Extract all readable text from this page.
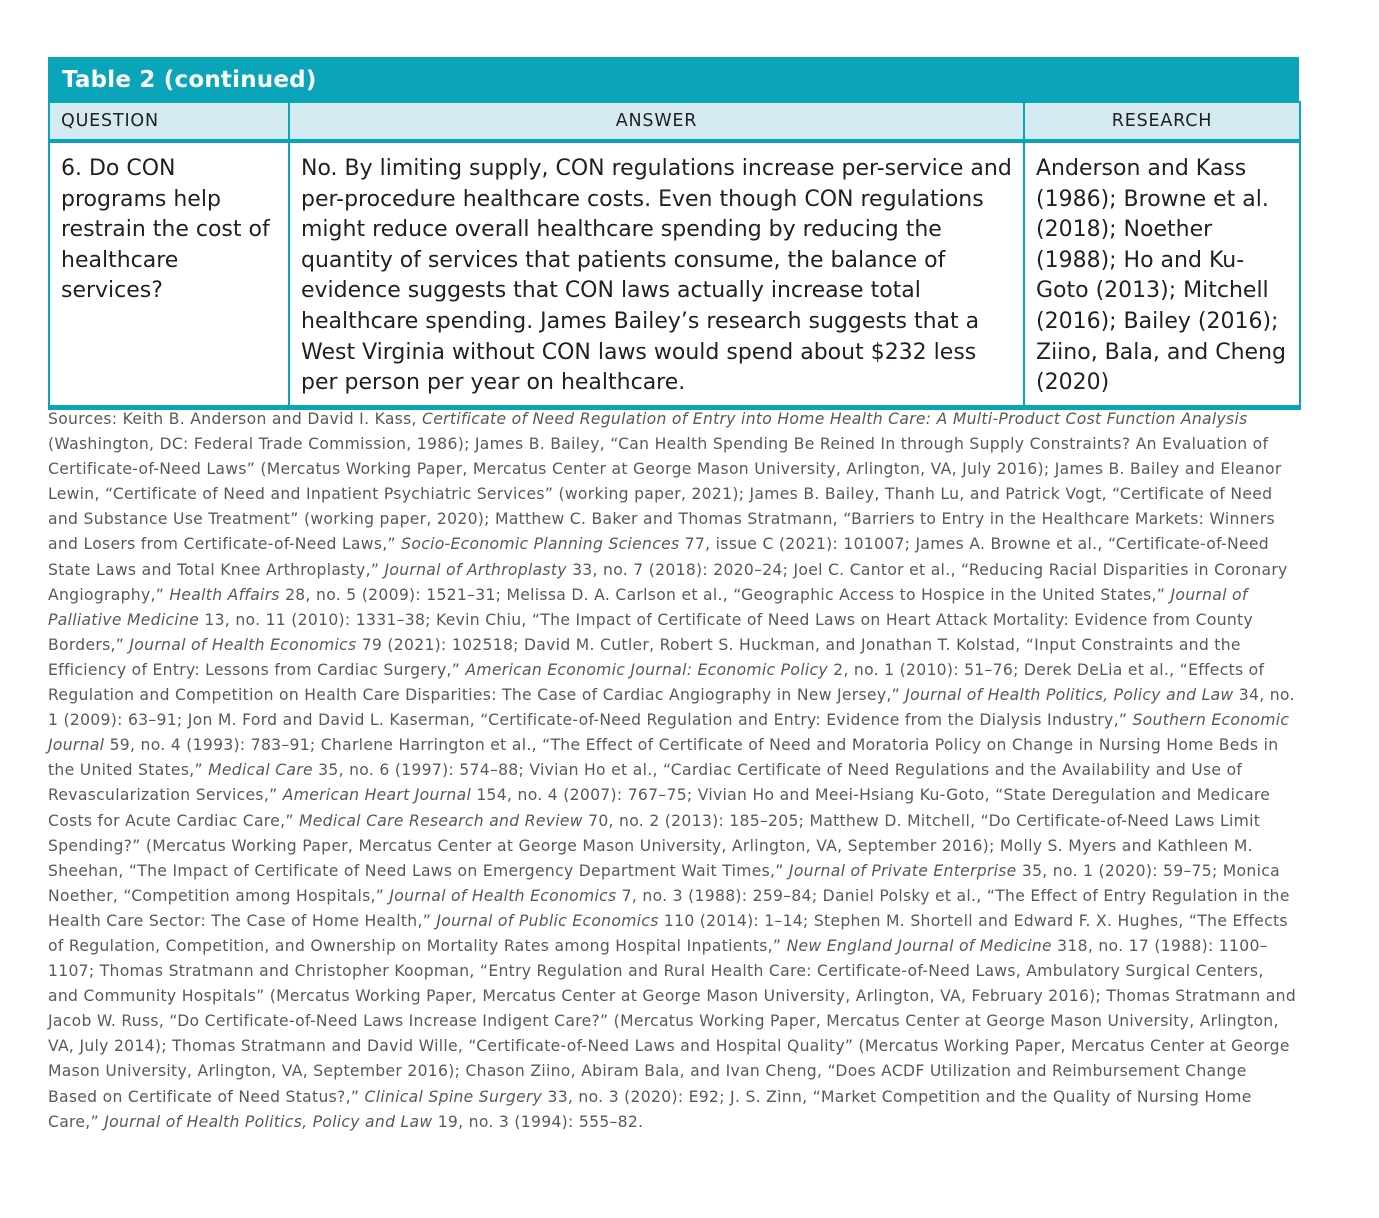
Table 2 (continued)
QUESTION	ANSWER	RESEARCH
6. Do CON programs help restrain the cost of healthcare services?	No. By limiting supply, CON regulations increase per-service and per-procedure healthcare costs. Even though CON regulations might reduce overall healthcare spending by reducing the quantity of services that patients consume, the balance of evidence suggests that CON laws actually increase total healthcare spending. James Bailey’s research suggests that a West Virginia without CON laws would spend about $232 less per person per year on healthcare.	Anderson and Kass (1986); Browne et al. (2018); Noether (1988); Ho and Ku-Goto (2013); Mitchell (2016); Bailey (2016); Ziino, Bala, and Cheng (2020)

Sources: Keith B. Anderson and David I. Kass, Certificate of Need Regulation of Entry into Home Health Care: A Multi-Product Cost Function Analysis (Washington, DC: Federal Trade Commission, 1986); James B. Bailey, “Can Health Spending Be Reined In through Supply Constraints? An Evaluation of Certificate-of-Need Laws” (Mercatus Working Paper, Mercatus Center at George Mason University, Arlington, VA, July 2016); James B. Bailey and Eleanor Lewin, “Certificate of Need and Inpatient Psychiatric Services” (working paper, 2021); James B. Bailey, Thanh Lu, and Patrick Vogt, “Certificate of Need and Substance Use Treatment” (working paper, 2020); Matthew C. Baker and Thomas Stratmann, “Barriers to Entry in the Healthcare Markets: Winners and Losers from Certificate-of-Need Laws,” Socio-Economic Planning Sciences 77, issue C (2021): 101007; James A. Browne et al., “Certificate-of-Need State Laws and Total Knee Arthroplasty,” Journal of Arthroplasty 33, no. 7 (2018): 2020–24; Joel C. Cantor et al., “Reducing Racial Disparities in Coronary Angiography,” Health Affairs 28, no. 5 (2009): 1521–31; Melissa D. A. Carlson et al., “Geographic Access to Hospice in the United States,” Journal of Palliative Medicine 13, no. 11 (2010): 1331–38; Kevin Chiu, “The Impact of Certificate of Need Laws on Heart Attack Mortality: Evidence from County Borders,” Journal of Health Economics 79 (2021): 102518; David M. Cutler, Robert S. Huckman, and Jonathan T. Kolstad, “Input Constraints and the Efficiency of Entry: Lessons from Cardiac Surgery,” American Economic Journal: Economic Policy 2, no. 1 (2010): 51–76; Derek DeLia et al., “Effects of Regulation and Competition on Health Care Disparities: The Case of Cardiac Angiography in New Jersey,” Journal of Health Politics, Policy and Law 34, no. 1 (2009): 63–91; Jon M. Ford and David L. Kaserman, “Certificate-of-Need Regulation and Entry: Evidence from the Dialysis Industry,” Southern Economic Journal 59, no. 4 (1993): 783–91; Charlene Harrington et al., “The Effect of Certificate of Need and Moratoria Policy on Change in Nursing Home Beds in the United States,” Medical Care 35, no. 6 (1997): 574–88; Vivian Ho et al., “Cardiac Certificate of Need Regulations and the Availability and Use of Revascularization Services,” American Heart Journal 154, no. 4 (2007): 767–75; Vivian Ho and Meei-Hsiang Ku-Goto, “State Deregulation and Medicare Costs for Acute Cardiac Care,” Medical Care Research and Review 70, no. 2 (2013): 185–205; Matthew D. Mitchell, “Do Certificate-of-Need Laws Limit Spending?” (Mercatus Working Paper, Mercatus Center at George Mason University, Arlington, VA, September 2016); Molly S. Myers and Kathleen M. Sheehan, “The Impact of Certificate of Need Laws on Emergency Department Wait Times,” Journal of Private Enterprise 35, no. 1 (2020): 59–75; Monica Noether, “Competition among Hospitals,” Journal of Health Economics 7, no. 3 (1988): 259–84; Daniel Polsky et al., “The Effect of Entry Regulation in the Health Care Sector: The Case of Home Health,” Journal of Public Economics 110 (2014): 1–14; Stephen M. Shortell and Edward F. X. Hughes, “The Effects of Regulation, Competition, and Ownership on Mortality Rates among Hospital Inpatients,” New England Journal of Medicine 318, no. 17 (1988): 1100–1107; Thomas Stratmann and Christopher Koopman, “Entry Regulation and Rural Health Care: Certificate-of-Need Laws, Ambulatory Surgical Centers, and Community Hospitals” (Mercatus Working Paper, Mercatus Center at George Mason University, Arlington, VA, February 2016); Thomas Stratmann and Jacob W. Russ, “Do Certificate-of-Need Laws Increase Indigent Care?” (Mercatus Working Paper, Mercatus Center at George Mason University, Arlington, VA, July 2014); Thomas Stratmann and David Wille, “Certificate-of-Need Laws and Hospital Quality” (Mercatus Working Paper, Mercatus Center at George Mason University, Arlington, VA, September 2016); Chason Ziino, Abiram Bala, and Ivan Cheng, “Does ACDF Utilization and Reimbursement Change Based on Certificate of Need Status?,” Clinical Spine Surgery 33, no. 3 (2020): E92; J. S. Zinn, “Market Competition and the Quality of Nursing Home Care,” Journal of Health Politics, Policy and Law 19, no. 3 (1994): 555–82.
